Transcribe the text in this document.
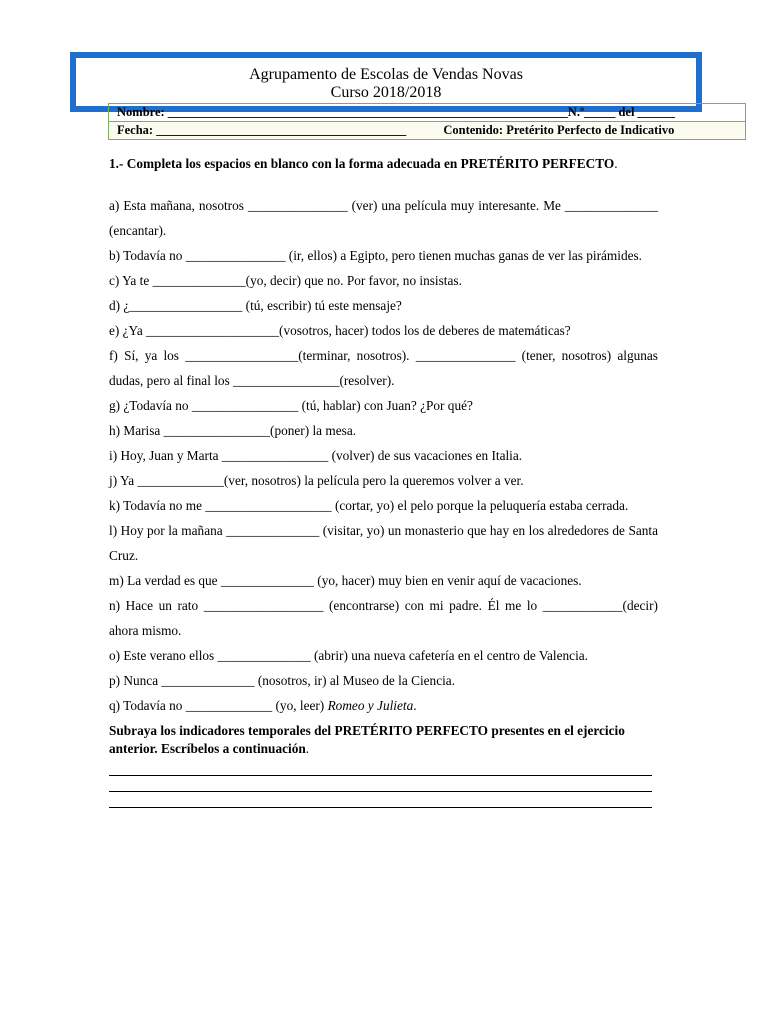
Agrupamento de Escolas de Vendas Novas
Curso 2018/2018
Nombre: ________________________________________________________________N.º_____ del ______
Fecha: ________________________________________	Contenido: Pretérito Perfecto de Indicativo

1.- Completa los espacios en blanco con la forma adecuada en PRETÉRITO PERFECTO.

a) Esta mañana, nosotros _______________ (ver) una película muy interesante. Me ______________ (encantar).

b) Todavía no _______________ (ir, ellos) a Egipto, pero tienen muchas ganas de ver las pirámides.

c) Ya te ______________(yo, decir) que no. Por favor, no insistas.

d) ¿_________________ (tú, escribir) tú este mensaje?

e) ¿Ya ____________________(vosotros, hacer) todos los de deberes de matemáticas?

f) Sí, ya los _________________(terminar, nosotros). _______________ (tener, nosotros) algunas dudas, pero al final los ________________(resolver).

g) ¿Todavía no ________________ (tú, hablar) con Juan? ¿Por qué?

h) Marisa ________________(poner) la mesa.

i) Hoy, Juan y Marta ________________ (volver) de sus vacaciones en Italia.

j) Ya _____________(ver, nosotros) la película pero la queremos volver a ver.

k) Todavía no me ___________________ (cortar, yo) el pelo porque la peluquería estaba cerrada.

l) Hoy por la mañana ______________ (visitar, yo) un monasterio que hay en los alrededores de Santa Cruz.

m) La verdad es que ______________ (yo, hacer) muy bien en venir aquí de vacaciones.

n) Hace un rato __________________ (encontrarse) con mi padre. Él me lo ____________(decir) ahora mismo.

o) Este verano ellos ______________ (abrir) una nueva cafetería en el centro de Valencia.

p) Nunca ______________ (nosotros, ir) al Museo de la Ciencia.

q) Todavía no _____________ (yo, leer) Romeo y Julieta.

Subraya los indicadores temporales del PRETÉRITO PERFECTO presentes en el ejercicio anterior. Escríbelos a continuación.
